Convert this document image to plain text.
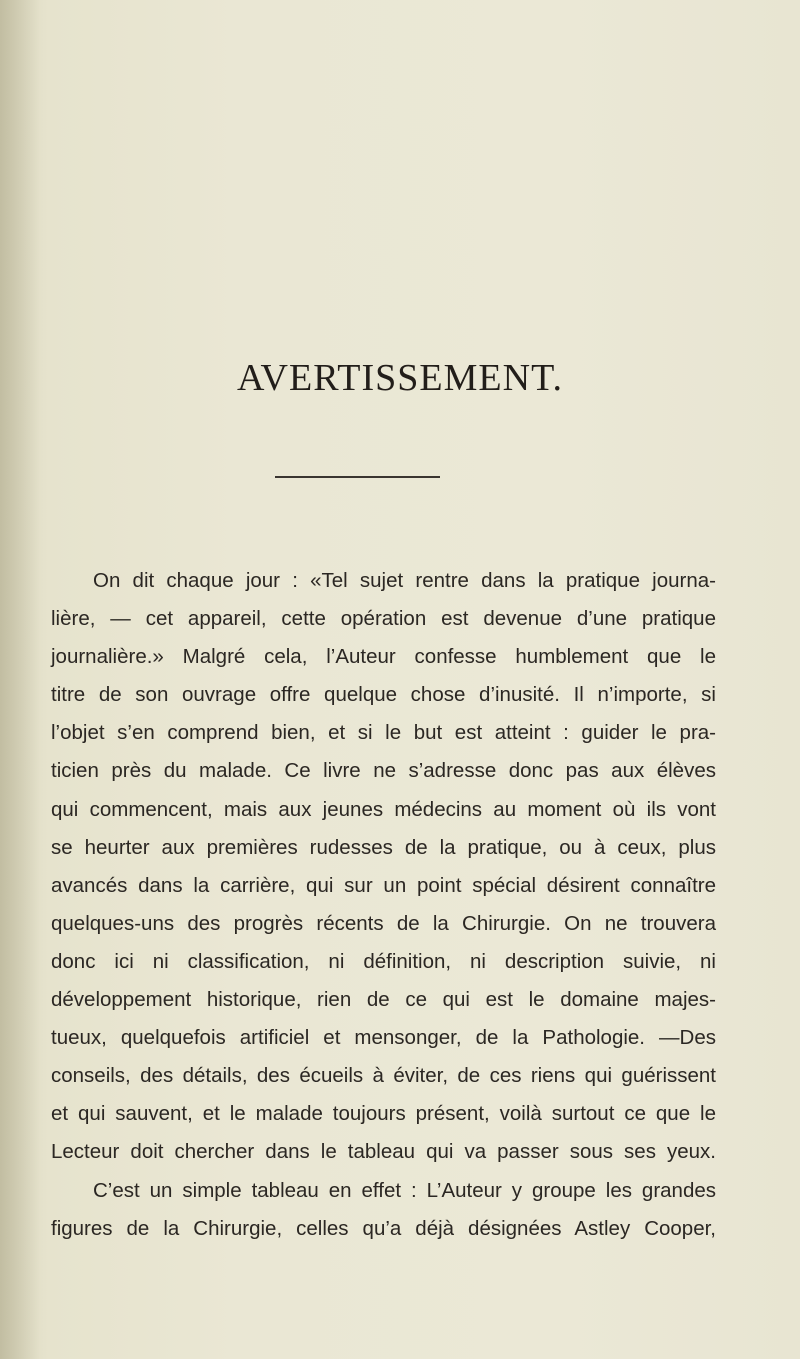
AVERTISSEMENT.
On dit chaque jour : «Tel sujet rentre dans la pratique journa-
lière, — cet appareil, cette opération est devenue d’une pratique
journalière.» Malgré cela, l’Auteur confesse humblement que le
titre de son ouvrage offre quelque chose d’inusité. Il n’importe, si
l’objet s’en comprend bien, et si le but est atteint : guider le pra-
ticien près du malade. Ce livre ne s’adresse donc pas aux élèves
qui commencent, mais aux jeunes médecins au moment où ils vont
se heurter aux premières rudesses de la pratique, ou à ceux, plus
avancés dans la carrière, qui sur un point spécial désirent connaître
quelques-uns des progrès récents de la Chirurgie. On ne trouvera
donc ici ni classification, ni définition, ni description suivie, ni
développement historique, rien de ce qui est le domaine majes-
tueux, quelquefois artificiel et mensonger, de la Pathologie. —Des
conseils, des détails, des écueils à éviter, de ces riens qui guérissent
et qui sauvent, et le malade toujours présent, voilà surtout ce que le
Lecteur doit chercher dans le tableau qui va passer sous ses yeux.
C’est un simple tableau en effet : L’Auteur y groupe les grandes
figures de la Chirurgie, celles qu’a déjà désignées Astley Cooper,
